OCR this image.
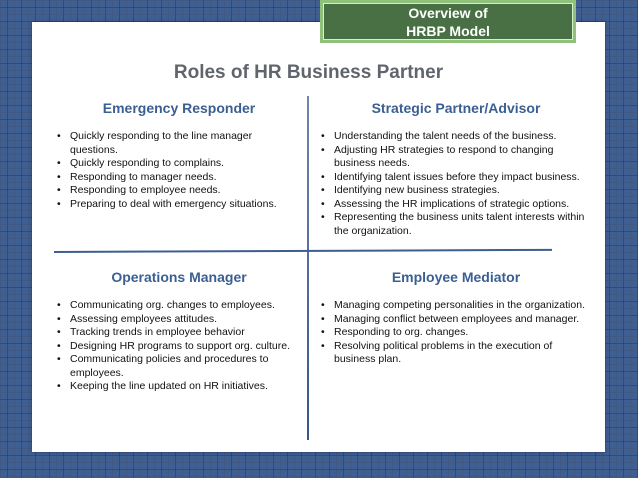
Overview of
HRBP Model
Roles of HR Business Partner
Emergency Responder
• Quickly responding to the line manager questions.
• Quickly responding to complains.
• Responding to manager needs.
• Responding to employee needs.
• Preparing to deal with emergency situations.
Strategic Partner/Advisor
• Understanding the talent needs of the business.
• Adjusting HR strategies to respond to changing business needs.
• Identifying talent issues before they impact business.
• Identifying new business strategies.
• Assessing the HR implications of strategic options.
• Representing the business units talent interests within the organization.
Operations Manager
• Communicating org. changes to employees.
• Assessing employees attitudes.
• Tracking trends in employee behavior
• Designing HR programs to support org. culture.
• Communicating policies and procedures to employees.
• Keeping the line updated on HR initiatives.
Employee Mediator
• Managing competing personalities in the organization.
• Managing conflict between employees and manager.
• Responding to org. changes.
• Resolving political problems in the execution of business plan.
